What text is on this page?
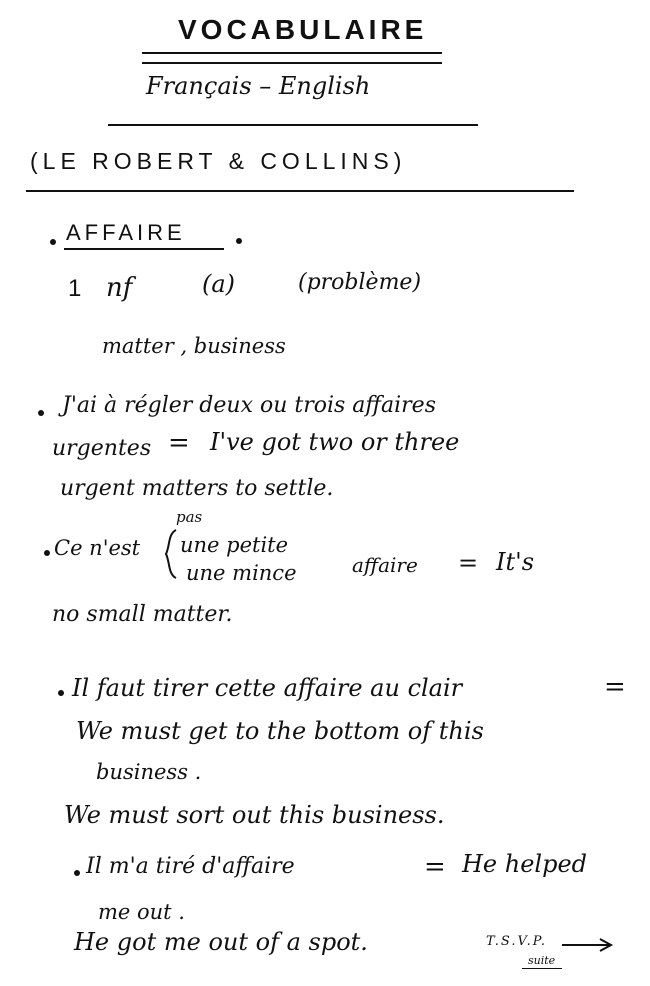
VOCABULAIRE
Français – English
(LE ROBERT & COLLINS)
AFFAIRE
1 nf	(a)	(problème)
matter , business
J'ai à régler deux ou trois affaires
urgentes = I've got two or three
urgent matters to settle.
Ce n'est
pas
une petite
une mince	affaire = It's
no small matter.
Il faut tirer cette affaire au clair	=
We must get to the bottom of this
business .
We must sort out this business.
Il m'a tiré d'affaire	= He helped
me out .
He got me out of a spot.	T.S.V.P.
suite
